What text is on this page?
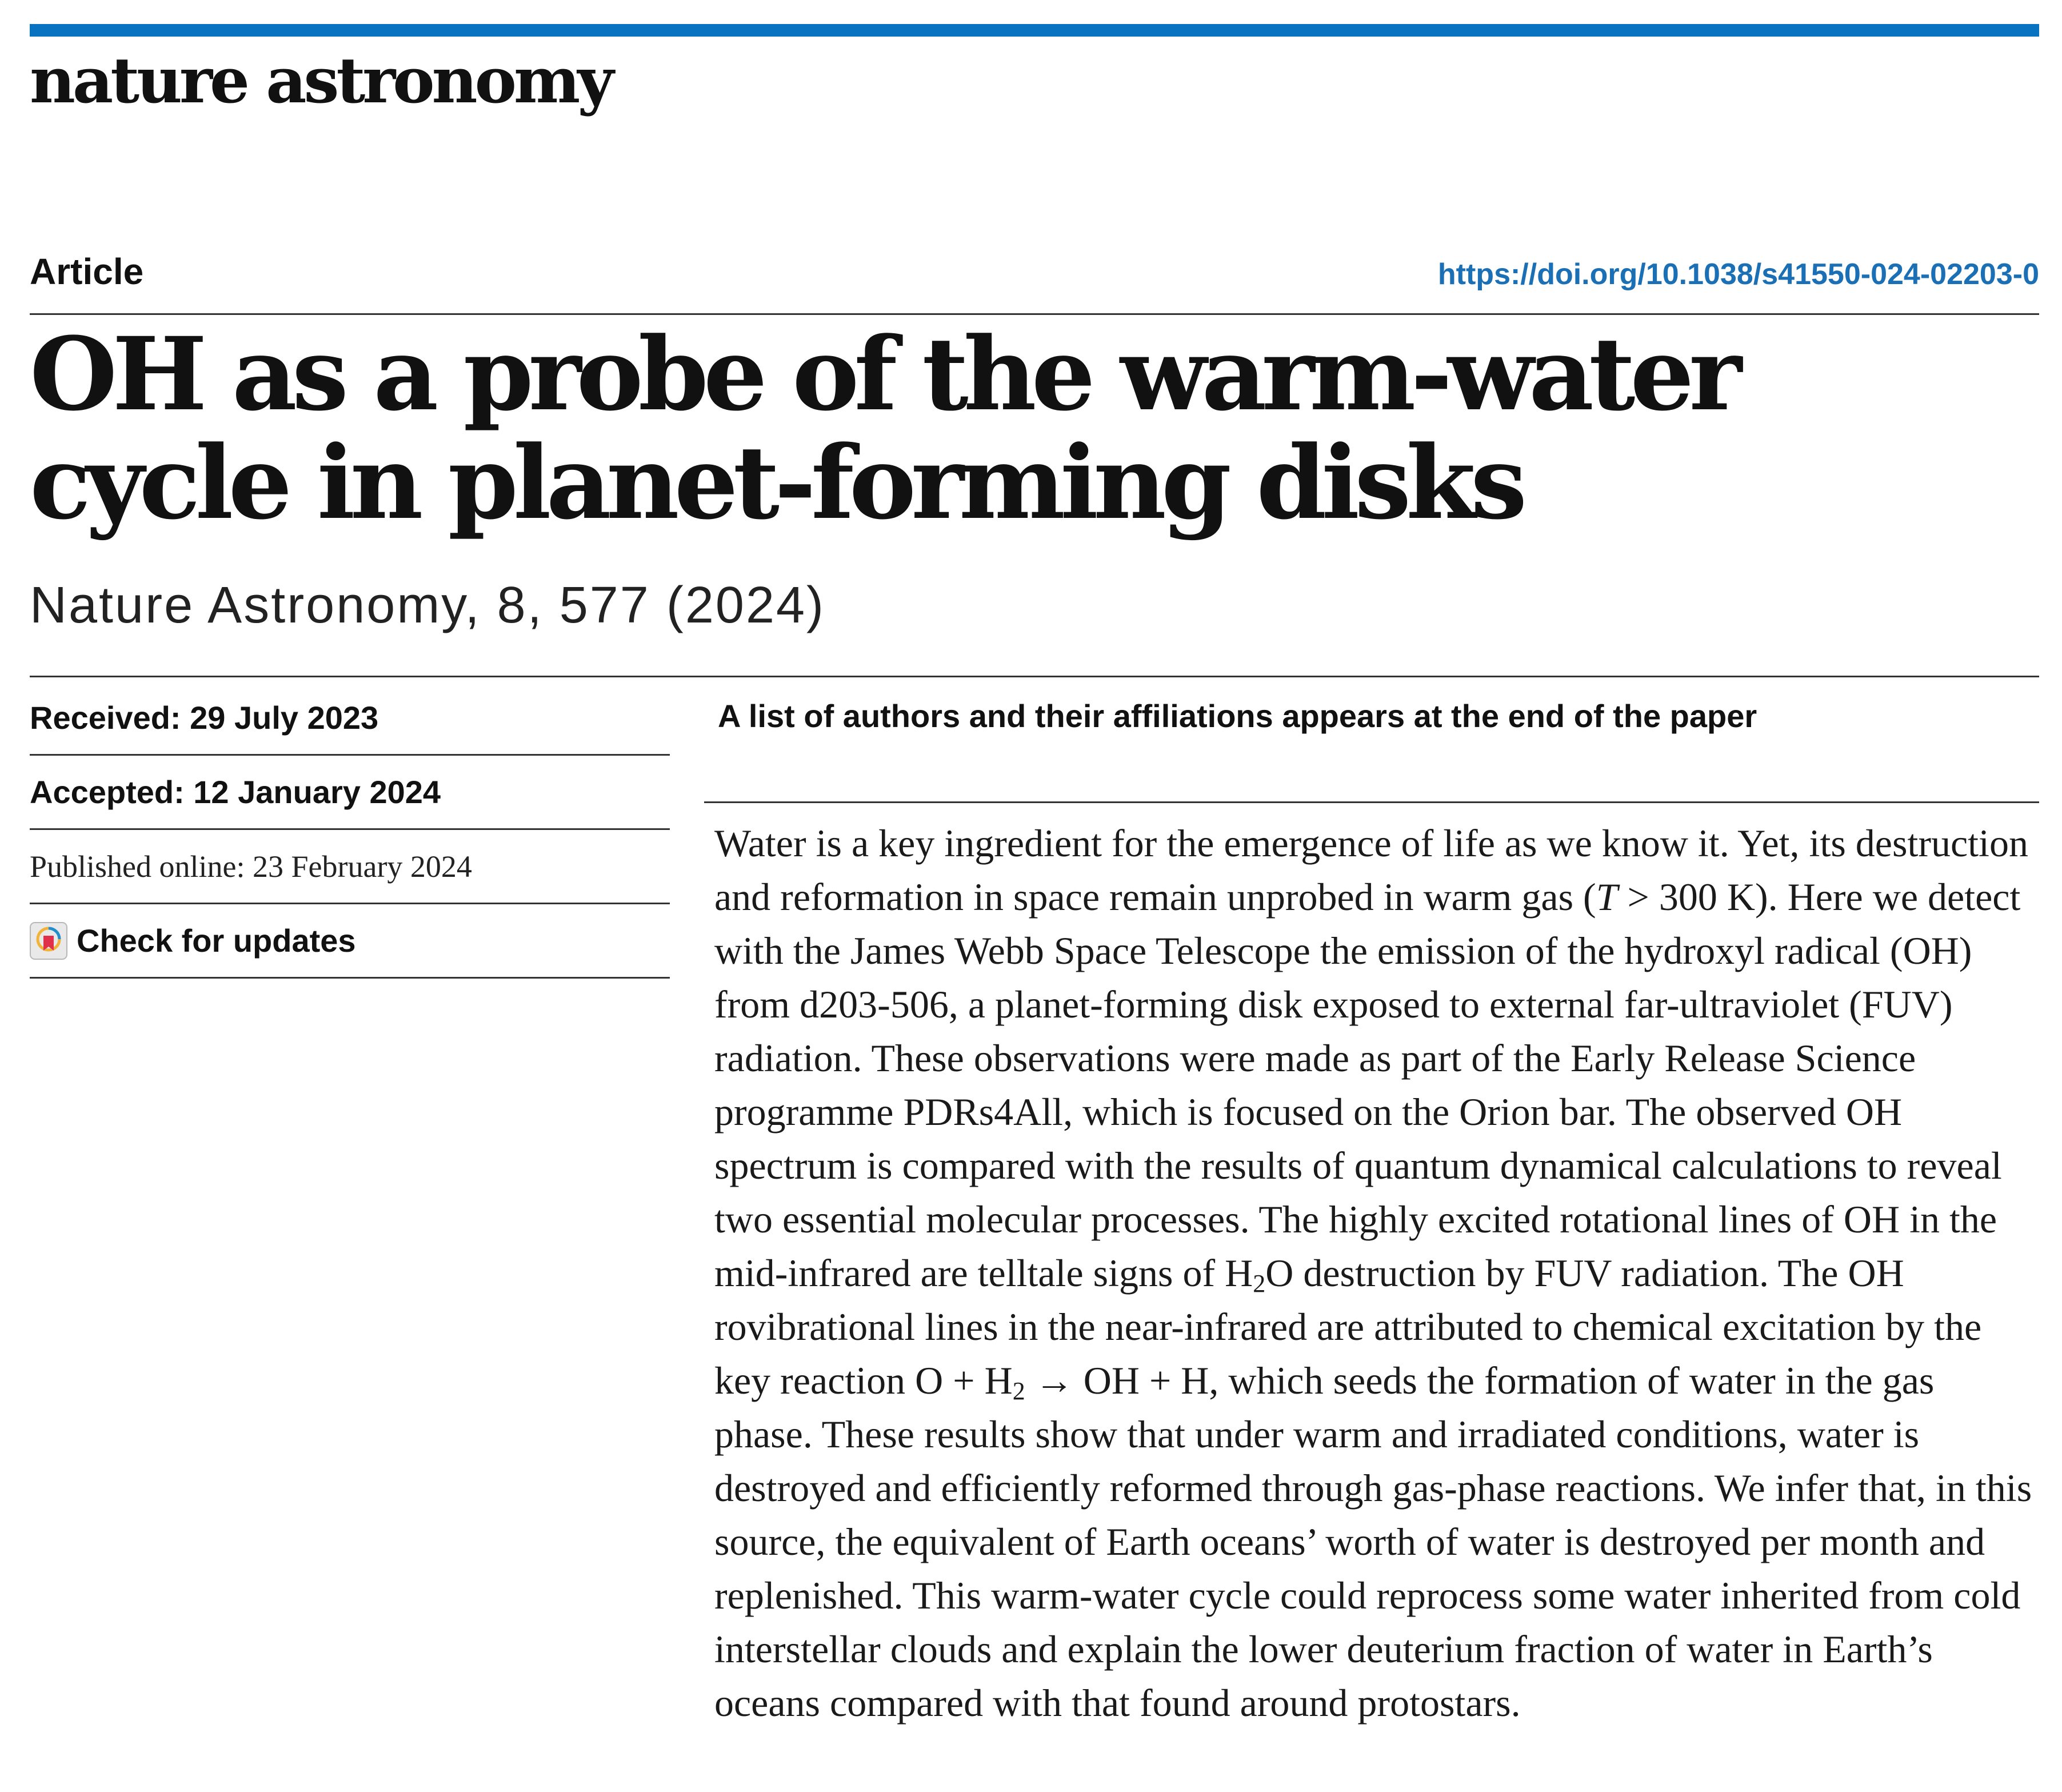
nature astronomy
Article	https://doi.org/10.1038/s41550-024-02203-0
OH as a probe of the warm-water cycle in planet-forming disks
Nature Astronomy, 8, 577 (2024)
Received: 29 July 2023
Accepted: 12 January 2024
Published online: 23 February 2024
Check for updates
A list of authors and their affiliations appears at the end of the paper

Water is a key ingredient for the emergence of life as we know it. Yet, its destruction and reformation in space remain unprobed in warm gas (T > 300 K). Here we detect with the James Webb Space Telescope the emission of the hydroxyl radical (OH) from d203-506, a planet-forming disk exposed to external far-ultraviolet (FUV) radiation. These observations were made as part of the Early Release Science programme PDRs4All, which is focused on the Orion bar. The observed OH spectrum is compared with the results of quantum dynamical calculations to reveal two essential molecular processes. The highly excited rotational lines of OH in the mid-infrared are telltale signs of $H_2O$ destruction by FUV radiation. The OH rovibrational lines in the near-infrared are attributed to chemical excitation by the key reaction $O + H_2$ → OH + H, which seeds the formation of water in the gas phase. These results show that under warm and irradiated conditions, water is destroyed and efficiently reformed through gas-phase reactions. We infer that, in this source, the equivalent of Earth oceans’ worth of water is destroyed per month and replenished. This warm-water cycle could reprocess some water inherited from cold interstellar clouds and explain the lower deuterium fraction of water in Earth’s oceans compared with that found around protostars.
